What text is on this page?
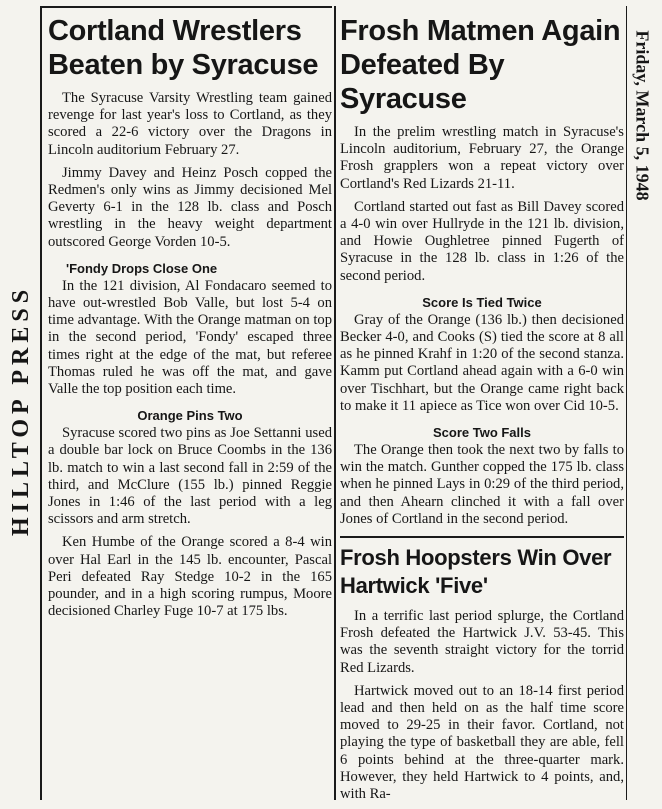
HILLTOP PRESS
Friday, March 5, 1948
Cortland Wrestlers Beaten by Syracuse

The Syracuse Varsity Wrestling team gained revenge for last year's loss to Cortland, as they scored a 22-6 victory over the Dragons in Lincoln auditorium February 27.

Jimmy Davey and Heinz Posch copped the Redmen's only wins as Jimmy decisioned Mel Geverty 6-1 in the 128 lb. class and Posch wrestling in the heavy weight department outscored George Vorden 10-5.

'Fondy Drops Close One

In the 121 division, Al Fondacaro seemed to have out-wrestled Bob Valle, but lost 5-4 on time advantage. With the Orange matman on top in the second period, 'Fondy' escaped three times right at the edge of the mat, but referee Thomas ruled he was off the mat, and gave Valle the top position each time.

Orange Pins Two

Syracuse scored two pins as Joe Settanni used a double bar lock on Bruce Coombs in the 136 lb. match to win a last second fall in 2:59 of the third, and McClure (155 lb.) pinned Reggie Jones in 1:46 of the last period with a leg scissors and arm stretch.

Ken Humbe of the Orange scored a 8-4 win over Hal Earl in the 145 lb. encounter, Pascal Peri defeated Ray Stedge 10-2 in the 165 pounder, and in a high scoring rumpus, Moore decisioned Charley Fuge 10-7 at 175 lbs.

Frosh Matmen Again Defeated By Syracuse

In the prelim wrestling match in Syracuse's Lincoln auditorium, February 27, the Orange Frosh grapplers won a repeat victory over Cortland's Red Lizards 21-11.

Cortland started out fast as Bill Davey scored a 4-0 win over Hullryde in the 121 lb. division, and Howie Oughletree pinned Fugerth of Syracuse in the 128 lb. class in 1:26 of the second period.

Score Is Tied Twice

Gray of the Orange (136 lb.) then decisioned Becker 4-0, and Cooks (S) tied the score at 8 all as he pinned Krahf in 1:20 of the second stanza. Kamm put Cortland ahead again with a 6-0 win over Tischhart, but the Orange came right back to make it 11 apiece as Tice won over Cid 10-5.

Score Two Falls

The Orange then took the next two by falls to win the match. Gunther copped the 175 lb. class when he pinned Lays in 0:29 of the third period, and then Ahearn clinched it with a fall over Jones of Cortland in the second period.

Frosh Hoopsters Win Over Hartwick 'Five'

In a terrific last period splurge, the Cortland Frosh defeated the Hartwick J.V. 53-45. This was the seventh straight victory for the torrid Red Lizards.

Hartwick moved out to an 18-14 first period lead and then held on as the half time score moved to 29-25 in their favor. Cortland, not playing the type of basketball they are able, fell 6 points behind at the three-quarter mark. However, they held Hartwick to 4 points, and, with Ra-
